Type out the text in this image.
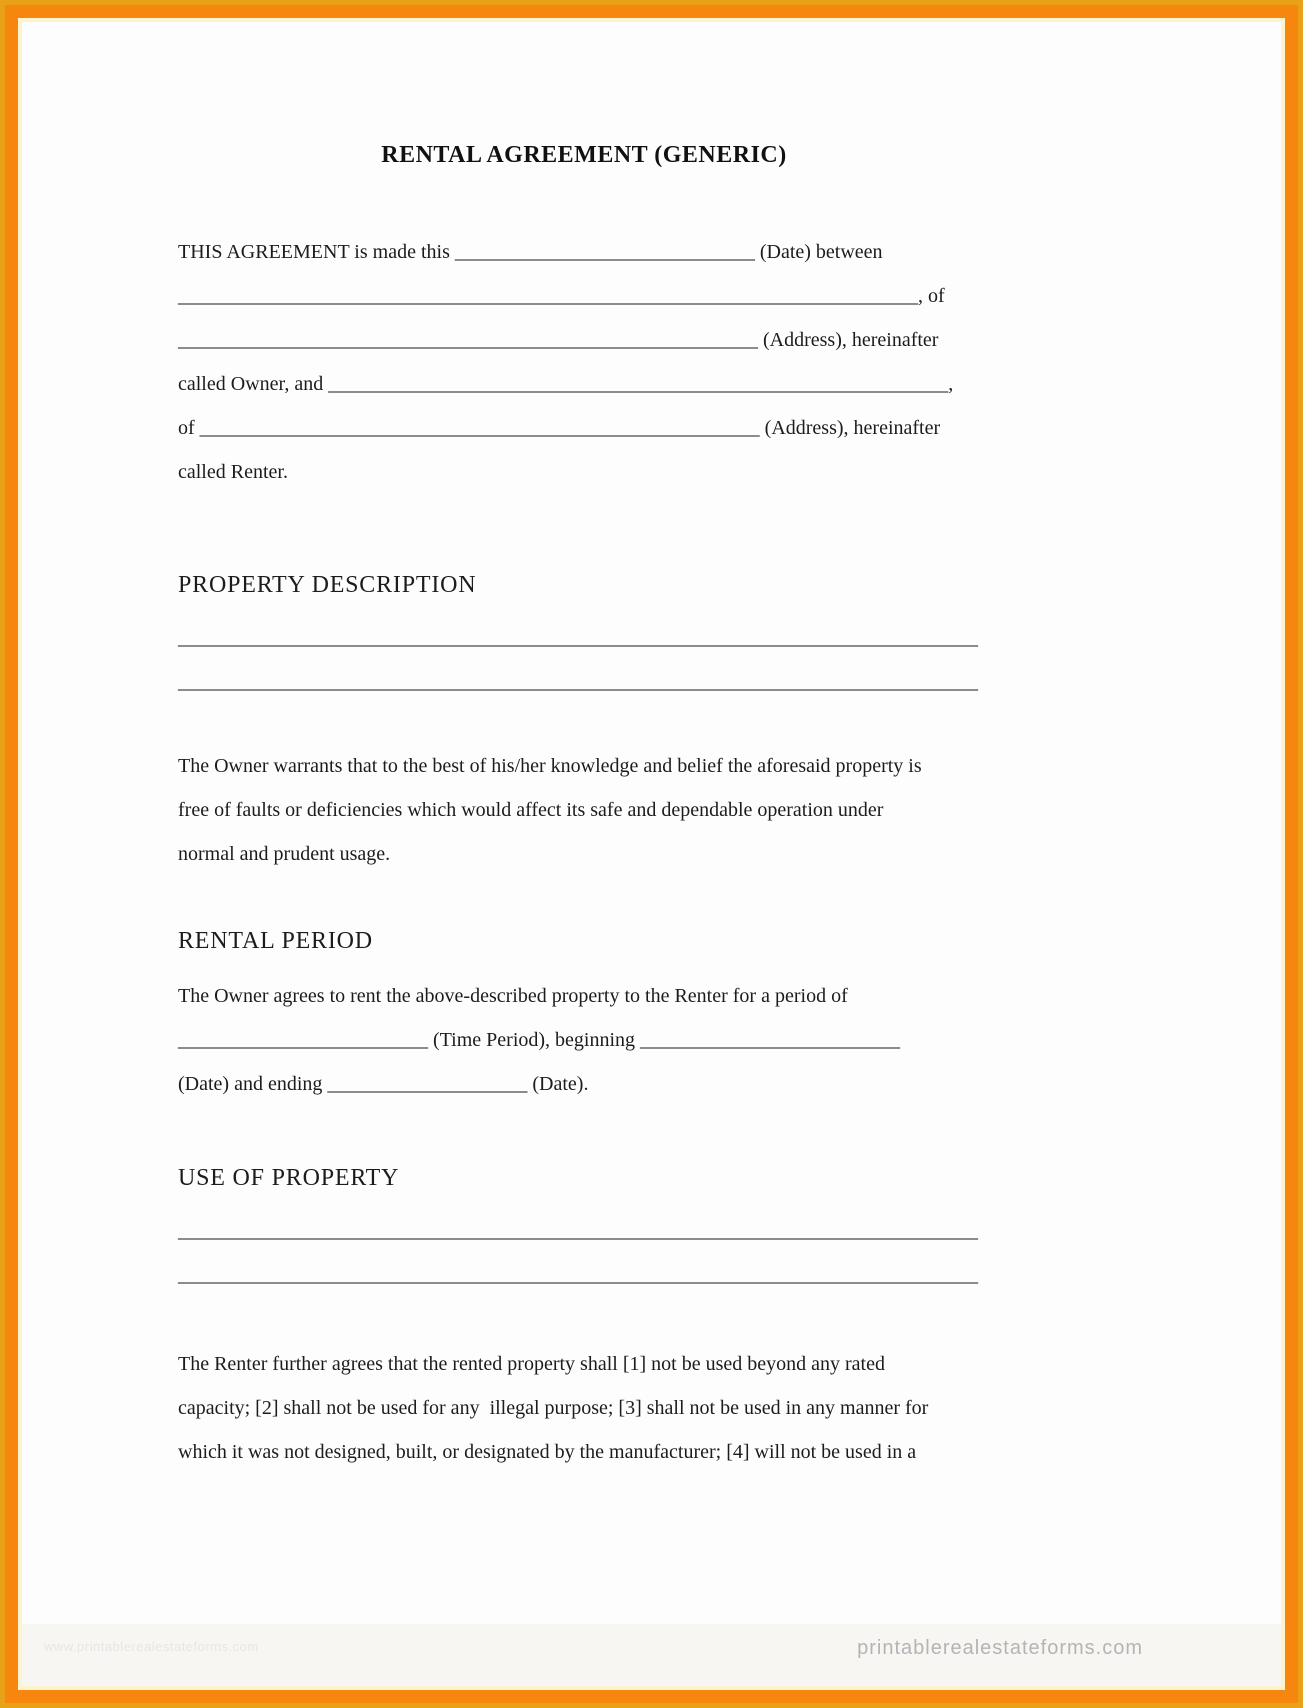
RENTAL AGREEMENT (GENERIC)
THIS AGREEMENT is made this ______________________________ (Date) between
__________________________________________________________________________, of
__________________________________________________________ (Address), hereinafter
called Owner, and ______________________________________________________________,
of ________________________________________________________ (Address), hereinafter
called Renter.
PROPERTY DESCRIPTION
________________________________________________________________________________
________________________________________________________________________________
The Owner warrants that to the best of his/her knowledge and belief the aforesaid property is
free of faults or deficiencies which would affect its safe and dependable operation under
normal and prudent usage.
RENTAL PERIOD
The Owner agrees to rent the above-described property to the Renter for a period of
_________________________ (Time Period), beginning __________________________
(Date) and ending ____________________ (Date).
USE OF PROPERTY
________________________________________________________________________________
________________________________________________________________________________
The Renter further agrees that the rented property shall [1] not be used beyond any rated
capacity; [2] shall not be used for any  illegal purpose; [3] shall not be used in any manner for
which it was not designed, built, or designated by the manufacturer; [4] will not be used in a
www.printablerealestateforms.com	printablerealestateforms.com
